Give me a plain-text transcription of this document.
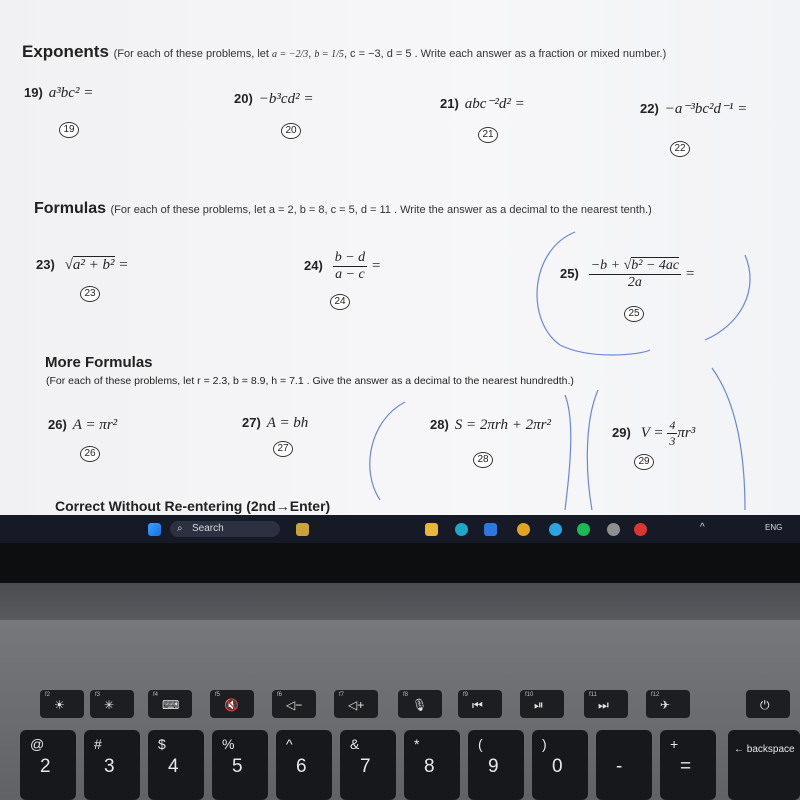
Exponents (For each of these problems, let a = −2/3, b = 1/5, c = −3, d = 5 . Write each answer as a fraction or mixed number.)
19) a³bc² =
19
20) −b³cd² =
20
21) abc⁻²d² =
21
22) −a⁻³bc²d⁻¹ =
22
Formulas (For each of these problems, let a = 2, b = 8, c = 5, d = 11 . Write the answer as a decimal to the nearest tenth.)
23) √a² + b² =
23
$24) \frac{b - d}{a - c}$ =
24
$25) \frac{\text{−b + √b² − 4ac}}{2a}$ =
25
More Formulas
(For each of these problems, let r = 2.3, b = 8.9, h = 7.1 . Give the answer as a decimal to the nearest hundredth.)
26) A = πr²
26
27) A = bh
27
28) S = 2πrh + 2πr²
28
29) $V = \frac{4}{3} \pi r^3$
29
Correct Without Re-entering (2nd→Enter)
⌕ Search	^	ENG
f2
☀
f3
✳
f4
⌨
f5
🔇
f6
◁−
f7
◁+
f8
🎙
f9
⏮
f10
⏯
f11
⏭
f12
✈	⏻
@
2
#
3
$
4
%
5
^
6
&
7
*
8
(
9
)
0	-
+
=
← backspace
